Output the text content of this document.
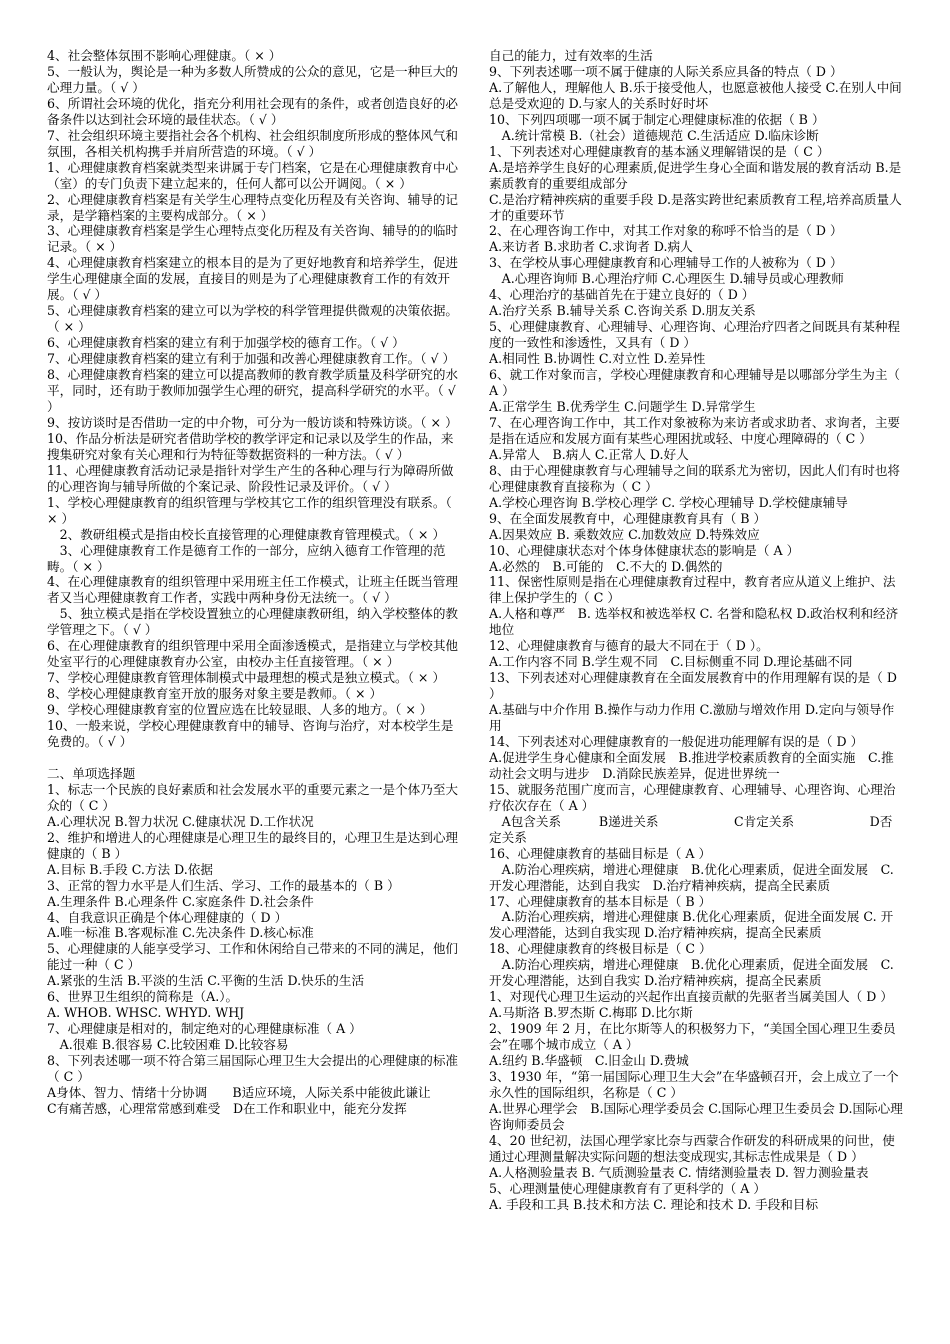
4、社会整体氛围不影响心理健康。（ × ）

5、一般认为，舆论是一种为多数人所赞成的公众的意见，它是一种巨大的心理力量。（ √ ）

6、所谓社会环境的优化，指充分利用社会现有的条件，或者创造良好的必备条件以达到社会环境的最佳状态。（ √ ）

7、社会组织环境主要指社会各个机构、社会组织制度所形成的整体风气和氛围，各相关机构携手并肩所营造的环境。（ √ ）

1、心理健康教育档案就类型来讲属于专门档案，它是在心理健康教育中心（室）的专门负责下建立起来的，任何人都可以公开调阅。（ × ）

2、心理健康教育档案是有关学生心理特点变化历程及有关咨询、辅导的记录，是学籍档案的主要构成部分。（ × ）

3、心理健康教育档案是学生心理特点变化历程及有关咨询、辅导的的临时记录。（ × ）

4、心理健康教育档案建立的根本目的是为了更好地教育和培养学生，促进学生心理健康全面的发展，直接目的则是为了心理健康教育工作的有效开展。（ √ ）

5、心理健康教育档案的建立可以为学校的科学管理提供微观的决策依据。（ × ）

6、心理健康教育档案的建立有利于加强学校的德育工作。（ √ ）

7、心理健康教育档案的建立有利于加强和改善心理健康教育工作。（ √ ）

8、心理健康教育档案的建立可以提高教师的教育教学质量及科学研究的水平，同时，还有助于教师加强学生心理的研究，提高科学研究的水平。（ √ ）

9、按访谈时是否借助一定的中介物，可分为一般访谈和特殊访谈。（ × ）

10、作品分析法是研究者借助学校的教学评定和记录以及学生的作品，来搜集研究对象有关心理和行为特征等数据资料的一种方法。（ √ ）

11、心理健康教育活动记录是指针对学生产生的各种心理与行为障碍所做的心理咨询与辅导所做的个案记录、阶段性记录及评价。（ √ ）

1、学校心理健康教育的组织管理与学校其它工作的组织管理没有联系。（ × ）

　2、教研组模式是指由校长直接管理的心理健康教育管理模式。（ × ）

　3、心理健康教育工作是德育工作的一部分，应纳入德育工作管理的范畴。（ × ）

4、在心理健康教育的组织管理中采用班主任工作模式，让班主任既当管理者又当心理健康教育工作者，实践中两种身份无法统一。（ √ ）

　5、独立模式是指在学校设置独立的心理健康教研组，纳入学校整体的教学管理之下。（ √ ）

6、在心理健康教育的组织管理中采用全面渗透模式，是指建立与学校其他处室平行的心理健康教育办公室，由校办主任直接管理。（ × ）

7、学校心理健康教育管理体制模式中最理想的模式是独立模式。（ × ）

8、学校心理健康教育室开放的服务对象主要是教师。（ × ）

9、学校心理健康教育室的位置应选在比较显眼、人多的地方。（ × ）

10、一般来说，学校心理健康教育中的辅导、咨询与治疗，对本校学生是免费的。（ √ ）

二、单项选择题

1、标志一个民族的良好素质和社会发展水平的重要元素之一是个体乃至大众的（ C ）

A.心理状况 B.智力状况 C.健康状况 D.工作状况

2、维护和增进人的心理健康是心理卫生的最终目的，心理卫生是达到心理健康的（ B ）

A.目标 B.手段 C.方法 D.依据

3、正常的智力水平是人们生活、学习、工作的最基本的（ B ）

A.生理条件 B.心理条件 C.家庭条件 D.社会条件

4、自我意识正确是个体心理健康的（ D ）

A.唯一标准 B.客观标准 C.先决条件 D.核心标准

5、心理健康的人能享受学习、工作和休闲给自己带来的不同的满足，他们能过一种（ C ）

A.紧张的生活 B.平淡的生活 C.平衡的生活 D.快乐的生活

6、世界卫生组织的简称是（A.）。

A. WHOB. WHSC. WHYD. WHJ

7、心理健康是相对的，制定绝对的心理健康标准（ A ）

　A.很难 B.很容易 C.比较困难 D.比较容易

8、下列表述哪一项不符合第三届国际心理卫生大会提出的心理健康的标准（ C ）

A身体、智力、情绪十分协调　　B适应环境，人际关系中能彼此谦让

C有痛苦感，心理常常感到难受　D在工作和职业中，能充分发挥

自己的能力，过有效率的生活

9、下列表述哪一项不属于健康的人际关系应具备的特点（ D ）

A.了解他人，理解他人 B.乐于接受他人，也愿意被他人接受 C.在别人中间总是受欢迎的 D.与家人的关系时好时坏

10、下列四项哪一项不属于制定心理健康标准的依据（ B ）

　A.统计常模 B.（社会）道德规范 C.生活适应 D.临床诊断

1、下列表述对心理健康教育的基本涵义理解错误的是（ C ）

A.是培养学生良好的心理素质,促进学生身心全面和谐发展的教育活动 B.是素质教育的重要组成部分

C.是治疗精神疾病的重要手段 D.是落实跨世纪素质教育工程,培养高质量人才的重要环节

2、在心理咨询工作中，对其工作对象的称呼不恰当的是（ D ）

A.来访者 B.求助者 C.求询者 D.病人

3、在学校从事心理健康教育和心理辅导工作的人被称为（ D ）

　A.心理咨询师 B.心理治疗师 C.心理医生 D.辅导员或心理教师

4、心理治疗的基础首先在于建立良好的（ D ）

A.治疗关系 B.辅导关系 C.咨询关系 D.朋友关系

5、心理健康教育、心理辅导、心理咨询、心理治疗四者之间既具有某种程度的一致性和渗透性，又具有（ D ）

A.相同性 B.协调性 C.对立性 D.差异性

6、就工作对象而言，学校心理健康教育和心理辅导是以哪部分学生为主（ A ）

A.正常学生 B.优秀学生 C.问题学生 D.异常学生

7、在心理咨询工作中，其工作对象被称为来访者或求助者、求询者，主要是指在适应和发展方面有某些心理困扰或轻、中度心理障碍的（ C ）

A.异常人　B.病人 C.正常人 D.好人

8、由于心理健康教育与心理辅导之间的联系尤为密切，因此人们有时也将心理健康教育直接称为（ C ）

A.学校心理咨询 B.学校心理学 C. 学校心理辅导 D.学校健康辅导

9、在全面发展教育中，心理健康教育具有（ B ）

A.因果效应 B. 乘数效应 C.加数效应 D.特殊效应

10、心理健康状态对个体身体健康状态的影响是（ A ）

A.必然的　B.可能的　C.不大的 D.偶然的

11、保密性原则是指在心理健康教育过程中，教育者应从道义上维护、法律上保护学生的（ C ）

A.人格和尊严　B. 选举权和被选举权 C. 名誉和隐私权 D.政治权利和经济地位

12、心理健康教育与德育的最大不同在于（ D ）。

A.工作内容不同 B.学生观不同　C.目标侧重不同 D.理论基础不同

13、下列表述对心理健康教育在全面发展教育中的作用理解有误的是（ D ）

A.基础与中介作用 B.操作与动力作用 C.激励与增效作用 D.定向与领导作用

14、下列表述对心理健康教育的一般促进功能理解有误的是（ D ）

A.促进学生身心健康和全面发展　B.推进学校素质教育的全面实施　C.推动社会文明与进步　D.消除民族差异，促进世界统一

15、就服务范围广度而言，心理健康教育、心理辅导、心理咨询、心理治疗依次存在（ A ）

　A包含关系　　　B递进关系　　　　　　C肯定关系　　　　　　D否定关系

16、心理健康教育的基础目标是（ A ）

　A.防治心理疾病，增进心理健康　B.优化心理素质，促进全面发展　C.开发心理潜能，达到自我实　D.治疗精神疾病，提高全民素质

17、心理健康教育的基本目标是（ B ）

　A.防治心理疾病，增进心理健康 B.优化心理素质，促进全面发展 C. 开发心理潜能，达到自我实现 D.治疗精神疾病，提高全民素质

18、心理健康教育的终极目标是（ C ）

　A.防治心理疾病，增进心理健康　B.优化心理素质，促进全面发展　C.开发心理潜能，达到自我实 D.治疗精神疾病，提高全民素质

1、对现代心理卫生运动的兴起作出直接贡献的先驱者当属美国人（ D ）

A.马斯洛 B.罗杰斯 C.梅耶 D.比尔斯

2、1909 年 2 月，在比尔斯等人的积极努力下，“美国全国心理卫生委员会”在哪个城市成立（ A ）

A.纽约 B.华盛顿　C.旧金山 D.费城

3、1930 年，“第一届国际心理卫生大会”在华盛顿召开，会上成立了一个永久性的国际组织，名称是（ C ）

A.世界心理学会　B.国际心理学委员会 C.国际心理卫生委员会 D.国际心理咨询师委员会

4、20 世纪初，法国心理学家比奈与西蒙合作研发的科研成果的问世，使通过心理测量解决实际问题的想法变成现实,其标志性成果是（ D ）

A.人格测验量表 B. 气质测验量表 C. 情绪测验量表 D. 智力测验量表

5、心理测量使心理健康教育有了更科学的（ A ）

A. 手段和工具 B.技术和方法 C. 理论和技术 D. 手段和目标
